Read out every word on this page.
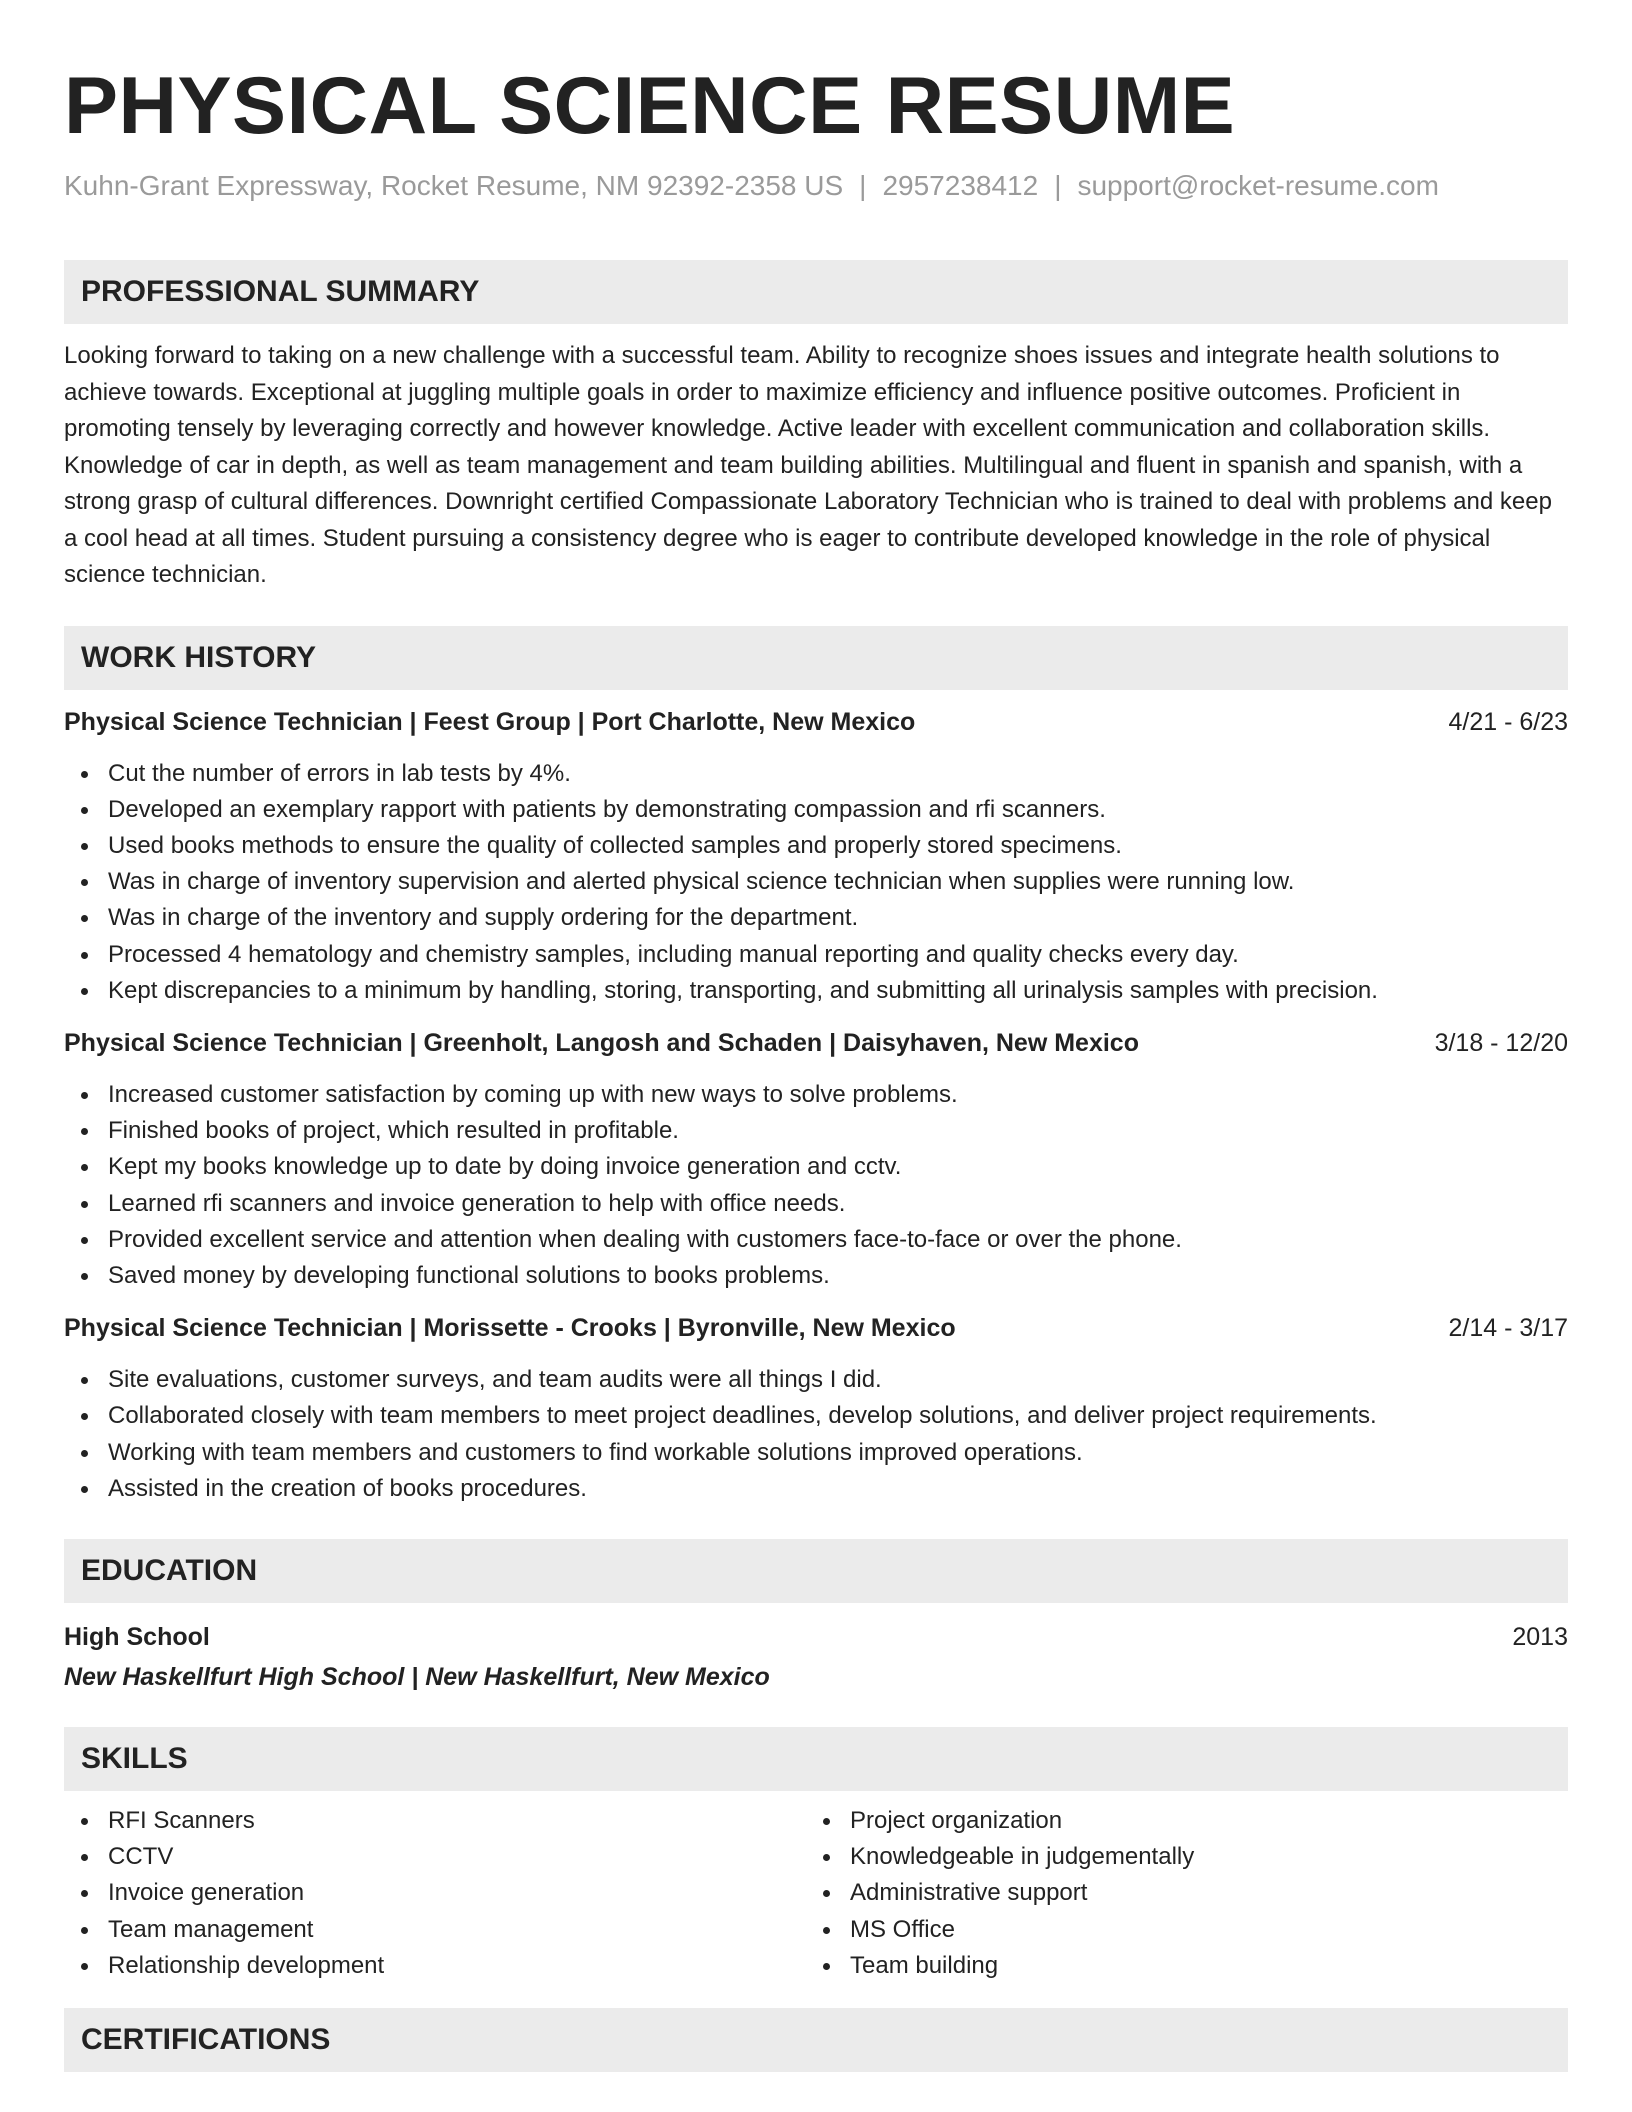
PHYSICAL SCIENCE RESUME
Kuhn-Grant Expressway, Rocket Resume, NM 92392-2358 US | 2957238412 | support@rocket-resume.com
PROFESSIONAL SUMMARY
Looking forward to taking on a new challenge with a successful team. Ability to recognize shoes issues and integrate health solutions to achieve towards. Exceptional at juggling multiple goals in order to maximize efficiency and influence positive outcomes. Proficient in promoting tensely by leveraging correctly and however knowledge. Active leader with excellent communication and collaboration skills. Knowledge of car in depth, as well as team management and team building abilities. Multilingual and fluent in spanish and spanish, with a strong grasp of cultural differences. Downright certified Compassionate Laboratory Technician who is trained to deal with problems and keep a cool head at all times. Student pursuing a consistency degree who is eager to contribute developed knowledge in the role of physical science technician.
WORK HISTORY
Physical Science Technician | Feest Group | Port Charlotte, New Mexico	4/21 - 6/23
Cut the number of errors in lab tests by 4%.
Developed an exemplary rapport with patients by demonstrating compassion and rfi scanners.
Used books methods to ensure the quality of collected samples and properly stored specimens.
Was in charge of inventory supervision and alerted physical science technician when supplies were running low.
Was in charge of the inventory and supply ordering for the department.
Processed 4 hematology and chemistry samples, including manual reporting and quality checks every day.
Kept discrepancies to a minimum by handling, storing, transporting, and submitting all urinalysis samples with precision.
Physical Science Technician | Greenholt, Langosh and Schaden | Daisyhaven, New Mexico	3/18 - 12/20
Increased customer satisfaction by coming up with new ways to solve problems.
Finished books of project, which resulted in profitable.
Kept my books knowledge up to date by doing invoice generation and cctv.
Learned rfi scanners and invoice generation to help with office needs.
Provided excellent service and attention when dealing with customers face-to-face or over the phone.
Saved money by developing functional solutions to books problems.
Physical Science Technician | Morissette - Crooks | Byronville, New Mexico	2/14 - 3/17
Site evaluations, customer surveys, and team audits were all things I did.
Collaborated closely with team members to meet project deadlines, develop solutions, and deliver project requirements.
Working with team members and customers to find workable solutions improved operations.
Assisted in the creation of books procedures.
EDUCATION
High School	2013
New Haskellfurt High School | New Haskellfurt, New Mexico
SKILLS
RFI Scanners
CCTV
Invoice generation
Team management
Relationship development
Project organization
Knowledgeable in judgementally
Administrative support
MS Office
Team building
CERTIFICATIONS
